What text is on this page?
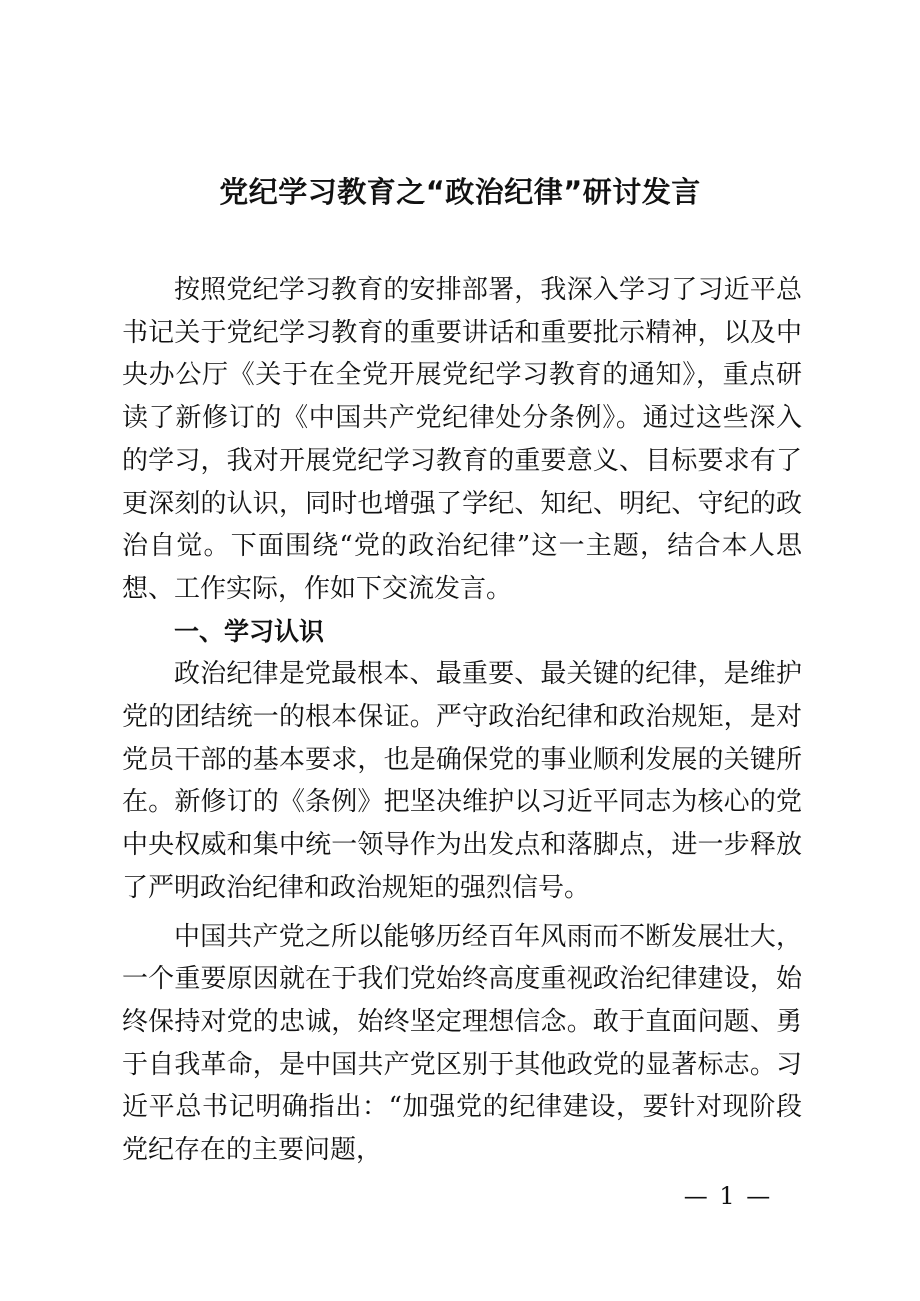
党纪学习教育之“政治纪律”研讨发言

按照党纪学习教育的安排部署，我深入学习了习近平总书记关于党纪学习教育的重要讲话和重要批示精神，以及中央办公厅《关于在全党开展党纪学习教育的通知》，重点研读了新修订的《中国共产党纪律处分条例》。通过这些深入的学习，我对开展党纪学习教育的重要意义、目标要求有了更深刻的认识，同时也增强了学纪、知纪、明纪、守纪的政治自觉。下面围绕“党的政治纪律”这一主题，结合本人思想、工作实际，作如下交流发言。

一、学习认识

政治纪律是党最根本、最重要、最关键的纪律，是维护党的团结统一的根本保证。严守政治纪律和政治规矩，是对党员干部的基本要求，也是确保党的事业顺利发展的关键所在。新修订的《条例》把坚决维护以习近平同志为核心的党中央权威和集中统一领导作为出发点和落脚点，进一步释放了严明政治纪律和政治规矩的强烈信号。

中国共产党之所以能够历经百年风雨而不断发展壮大，一个重要原因就在于我们党始终高度重视政治纪律建设，始终保持对党的忠诚，始终坚定理想信念。敢于直面问题、勇于自我革命，是中国共产党区别于其他政党的显著标志。习近平总书记明确指出：“加强党的纪律建设，要针对现阶段党纪存在的主要问题，

— 1 —
